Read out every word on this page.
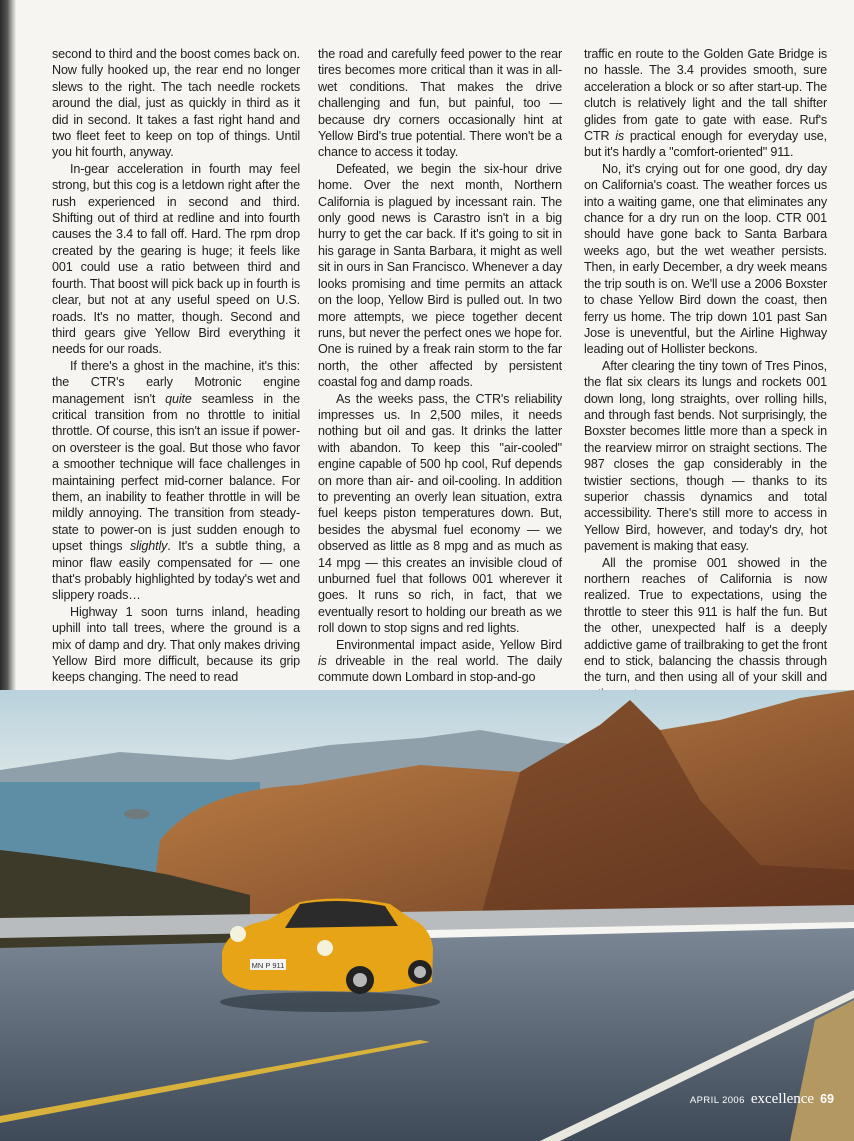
second to third and the boost comes back on. Now fully hooked up, the rear end no longer slews to the right. The tach needle rockets around the dial, just as quickly in third as it did in second. It takes a fast right hand and two fleet feet to keep on top of things. Until you hit fourth, anyway.

In-gear acceleration in fourth may feel strong, but this cog is a letdown right after the rush experienced in second and third. Shifting out of third at redline and into fourth causes the 3.4 to fall off. Hard. The rpm drop created by the gearing is huge; it feels like 001 could use a ratio between third and fourth. That boost will pick back up in fourth is clear, but not at any useful speed on U.S. roads. It's no matter, though. Second and third gears give Yellow Bird everything it needs for our roads.

If there's a ghost in the machine, it's this: the CTR's early Motronic engine management isn't quite seamless in the critical transition from no throttle to initial throttle. Of course, this isn't an issue if power-on oversteer is the goal. But those who favor a smoother technique will face challenges in maintaining perfect mid-corner balance. For them, an inability to feather throttle in will be mildly annoying. The transition from steady-state to power-on is just sudden enough to upset things slightly. It's a subtle thing, a minor flaw easily compensated for — one that's probably highlighted by today's wet and slippery roads…

Highway 1 soon turns inland, heading uphill into tall trees, where the ground is a mix of damp and dry. That only makes driving Yellow Bird more difficult, because its grip keeps changing. The need to read

the road and carefully feed power to the rear tires becomes more critical than it was in all-wet conditions. That makes the drive challenging and fun, but painful, too — because dry corners occasionally hint at Yellow Bird's true potential. There won't be a chance to access it today.

Defeated, we begin the six-hour drive home. Over the next month, Northern California is plagued by incessant rain. The only good news is Carastro isn't in a big hurry to get the car back. If it's going to sit in his garage in Santa Barbara, it might as well sit in ours in San Francisco. Whenever a day looks promising and time permits an attack on the loop, Yellow Bird is pulled out. In two more attempts, we piece together decent runs, but never the perfect ones we hope for. One is ruined by a freak rain storm to the far north, the other affected by persistent coastal fog and damp roads.

As the weeks pass, the CTR's reliability impresses us. In 2,500 miles, it needs nothing but oil and gas. It drinks the latter with abandon. To keep this "air-cooled" engine capable of 500 hp cool, Ruf depends on more than air- and oil-cooling. In addition to preventing an overly lean situation, extra fuel keeps piston temperatures down. But, besides the abysmal fuel economy — we observed as little as 8 mpg and as much as 14 mpg — this creates an invisible cloud of unburned fuel that follows 001 wherever it goes. It runs so rich, in fact, that we eventually resort to holding our breath as we roll down to stop signs and red lights.

Environmental impact aside, Yellow Bird is driveable in the real world. The daily commute down Lombard in stop-and-go

traffic en route to the Golden Gate Bridge is no hassle. The 3.4 provides smooth, sure acceleration a block or so after start-up. The clutch is relatively light and the tall shifter glides from gate to gate with ease. Ruf's CTR is practical enough for everyday use, but it's hardly a "comfort-oriented" 911.

No, it's crying out for one good, dry day on California's coast. The weather forces us into a waiting game, one that eliminates any chance for a dry run on the loop. CTR 001 should have gone back to Santa Barbara weeks ago, but the wet weather persists. Then, in early December, a dry week means the trip south is on. We'll use a 2006 Boxster to chase Yellow Bird down the coast, then ferry us home. The trip down 101 past San Jose is uneventful, but the Airline Highway leading out of Hollister beckons.

After clearing the tiny town of Tres Pinos, the flat six clears its lungs and rockets 001 down long, long straights, over rolling hills, and through fast bends. Not surprisingly, the Boxster becomes little more than a speck in the rearview mirror on straight sections. The 987 closes the gap considerably in the twistier sections, though — thanks to its superior chassis dynamics and total accessibility. There's still more to access in Yellow Bird, however, and today's dry, hot pavement is making that easy.

All the promise 001 showed in the northern reaches of California is now realized. True to expectations, using the throttle to steer this 911 is half the fun. But the other, unexpected half is a deeply addictive game of trailbraking to get the front end to stick, balancing the chassis through the turn, and then using all of your skill and

MN P 911
APRIL 2006 excellence 69
